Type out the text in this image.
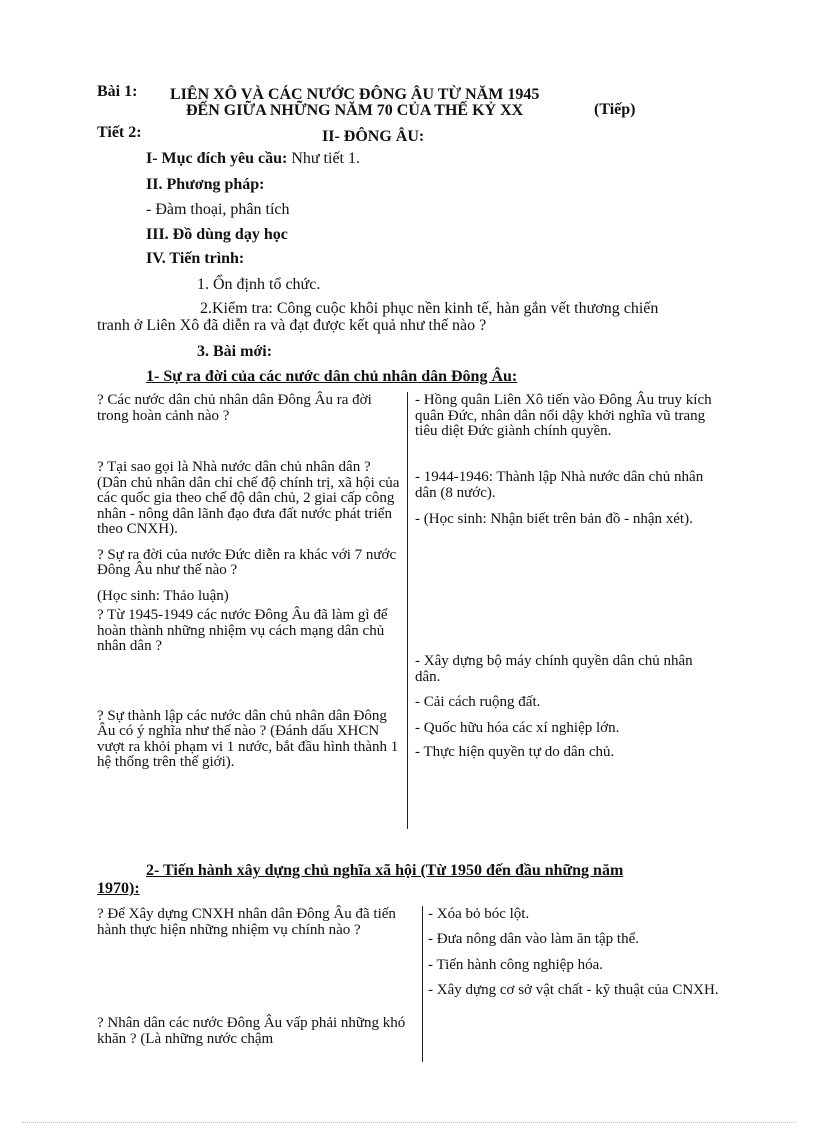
Bài 1: LIÊN XÔ VÀ CÁC NƯỚC ĐÔNG ÂU TỪ NĂM 1945
ĐẾN GIỮA NHỮNG NĂM 70 CỦA THẾ KỶ XX	(Tiếp)
Tiết 2:	II- ĐÔNG ÂU:
I- Mục đích yêu cầu: Như tiết 1.
II. Phương pháp:
- Đàm thoại, phân tích
III. Đồ dùng dạy học
IV. Tiến trình:
1. Ổn định tổ chức.
2.Kiểm tra: Công cuộc khôi phục nền kinh tế, hàn gắn vết thương chiến
tranh ở Liên Xô đã diễn ra và đạt được kết quả như thế nào ?
3. Bài mới:
1- Sự ra đời của các nước dân chủ nhân dân Đông Âu:

? Các nước dân chủ nhân dân Đông Âu ra đời trong hoàn cảnh nào ?

? Tại sao gọi là Nhà nước dân chủ nhân dân ? (Dân chủ nhân dân chỉ chế độ chính trị, xã hội của các quốc gia theo chế độ dân chủ, 2 giai cấp công nhân - nông dân lãnh đạo đưa đất nước phát triển theo CNXH).

? Sự ra đời của nước Đức diễn ra khác với 7 nước Đông Âu như thế nào ?

(Học sinh: Thảo luận)

? Từ 1945-1949 các nước Đông Âu đã làm gì để hoàn thành những nhiệm vụ cách mạng dân chủ nhân dân ?

? Sự thành lập các nước dân chủ nhân dân Đông Âu có ý nghĩa như thế nào ? (Đánh dấu XHCN vượt ra khỏi phạm vi 1 nước, bắt đầu hình thành 1 hệ thống trên thế giới).

- Hồng quân Liên Xô tiến vào Đông Âu truy kích quân Đức, nhân dân nổi dậy khởi nghĩa vũ trang tiêu diệt Đức giành chính quyền.
- 1944-1946: Thành lập Nhà nước dân chủ nhân dân (8 nước).
- (Học sinh: Nhận biết trên bản đồ - nhận xét).
- Xây dựng bộ máy chính quyền dân chủ nhân dân.
- Cải cách ruộng đất.
- Quốc hữu hóa các xí nghiệp lớn.
- Thực hiện quyền tự do dân chủ.
2- Tiến hành xây dựng chủ nghĩa xã hội (Từ 1950 đến đầu những năm
1970):
? Để Xây dựng CNXH nhân dân Đông Âu đã tiến hành thực hiện những nhiệm vụ chính nào ?
? Nhân dân các nước Đông Âu vấp phải những khó khăn ? (Là những nước chậm
- Xóa bỏ bóc lột.
- Đưa nông dân vào làm ăn tập thể.
- Tiến hành công nghiệp hóa.
- Xây dựng cơ sở vật chất - kỹ thuật của CNXH.
